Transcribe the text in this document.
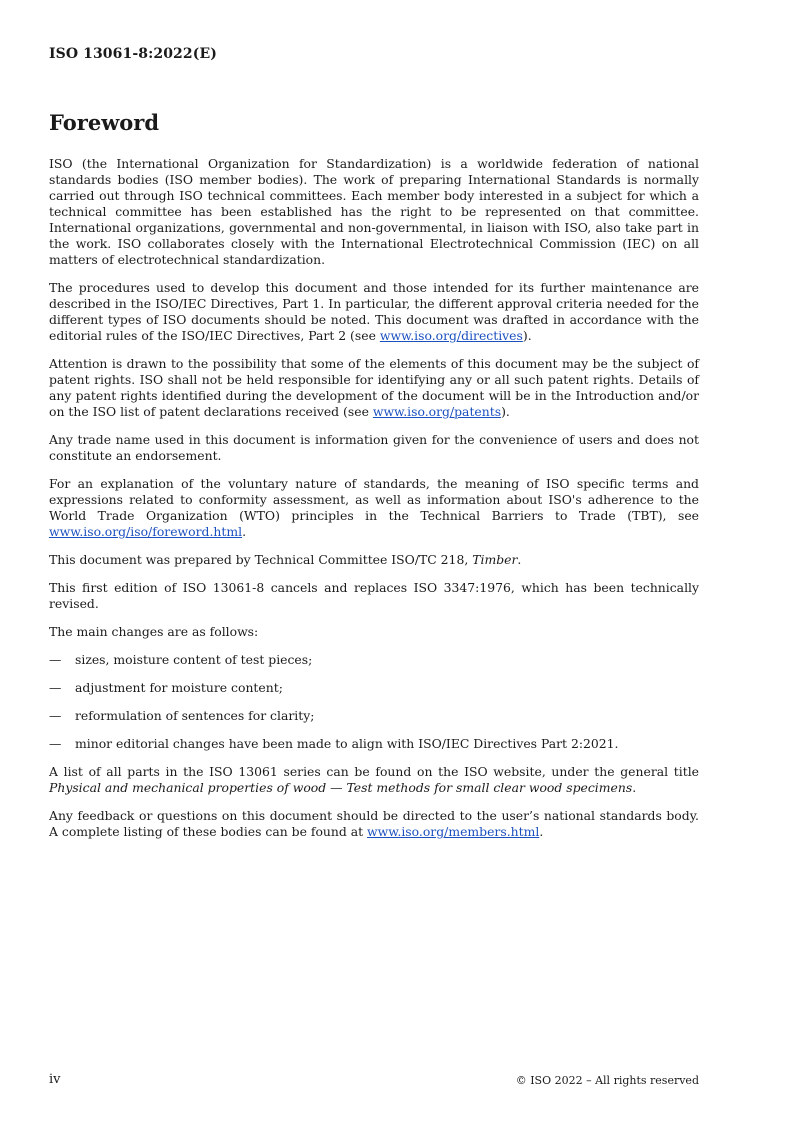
ISO 13061-8:2022(E)
Foreword

ISO (the International Organization for Standardization) is a worldwide federation of national standards bodies (ISO member bodies). The work of preparing International Standards is normally carried out through ISO technical committees. Each member body interested in a subject for which a technical committee has been established has the right to be represented on that committee. International organizations, governmental and non-governmental, in liaison with ISO, also take part in the work. ISO collaborates closely with the International Electrotechnical Commission (IEC) on all matters of electrotechnical standardization.

The procedures used to develop this document and those intended for its further maintenance are described in the ISO/IEC Directives, Part 1. In particular, the different approval criteria needed for the different types of ISO documents should be noted. This document was drafted in accordance with the editorial rules of the ISO/IEC Directives, Part 2 (see www.iso.org/directives).

Attention is drawn to the possibility that some of the elements of this document may be the subject of patent rights. ISO shall not be held responsible for identifying any or all such patent rights. Details of any patent rights identified during the development of the document will be in the Introduction and/or on the ISO list of patent declarations received (see www.iso.org/patents).

Any trade name used in this document is information given for the convenience of users and does not constitute an endorsement.

For an explanation of the voluntary nature of standards, the meaning of ISO specific terms and expressions related to conformity assessment, as well as information about ISO's adherence to the World Trade Organization (WTO) principles in the Technical Barriers to Trade (TBT), see www.iso.org/iso/foreword.html.

This document was prepared by Technical Committee ISO/TC 218, Timber.

This first edition of ISO 13061-8 cancels and replaces ISO 3347:1976, which has been technically revised.

The main changes are as follows:

—	sizes, moisture content of test pieces;
—	adjustment for moisture content;
—	reformulation of sentences for clarity;
—	minor editorial changes have been made to align with ISO/IEC Directives Part 2:2021.

A list of all parts in the ISO 13061 series can be found on the ISO website, under the general title Physical and mechanical properties of wood — Test methods for small clear wood specimens.

Any feedback or questions on this document should be directed to the user’s national standards body. A complete listing of these bodies can be found at www.iso.org/members.html.

iv	© ISO 2022 – All rights reserved
